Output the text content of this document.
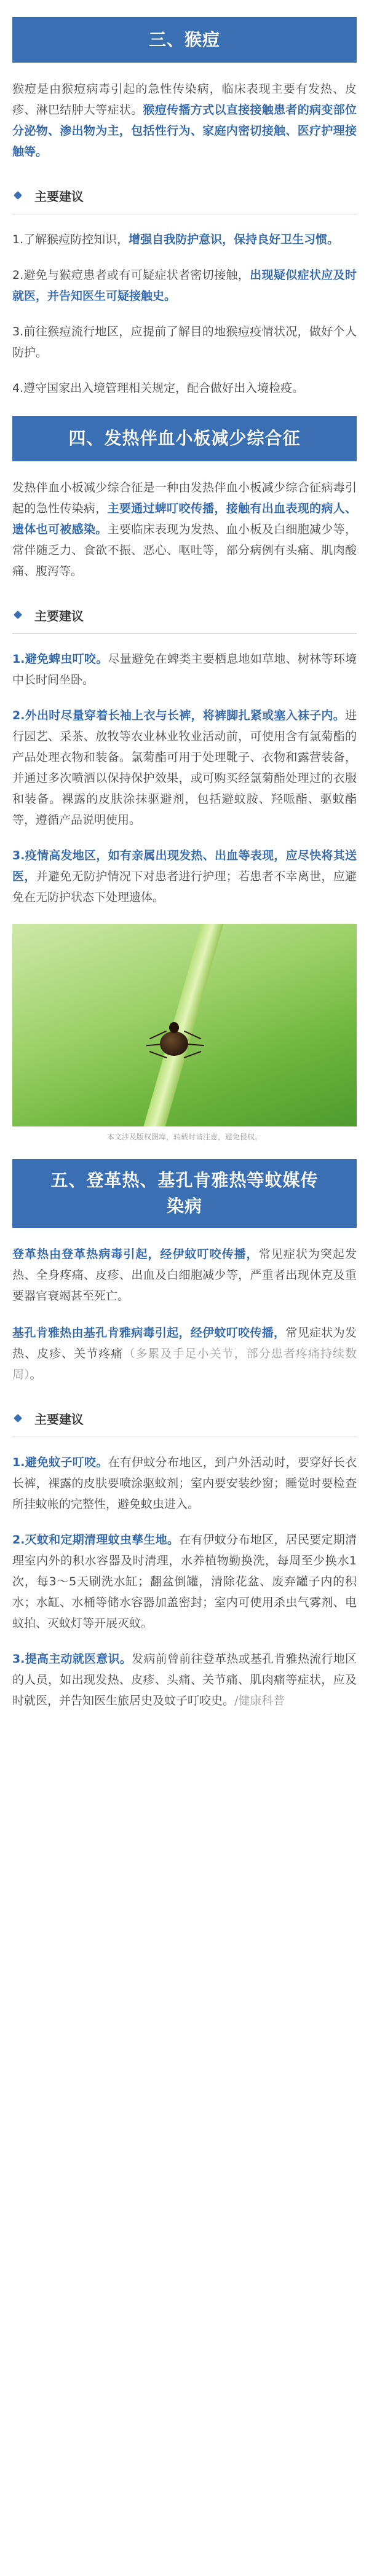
三、猴痘

猴痘是由猴痘病毒引起的急性传染病，临床表现主要有发热、皮疹、淋巴结肿大等症状。猴痘传播方式以直接接触患者的病变部位分泌物、渗出物为主，包括性行为、家庭内密切接触、医疗护理接触等。

主要建议

1.了解猴痘防控知识，增强自我防护意识，保持良好卫生习惯。

2.避免与猴痘患者或有可疑症状者密切接触，出现疑似症状应及时就医，并告知医生可疑接触史。

3.前往猴痘流行地区，应提前了解目的地猴痘疫情状况，做好个人防护。

4.遵守国家出入境管理相关规定，配合做好出入境检疫。

四、发热伴血小板减少综合征

发热伴血小板减少综合征是一种由发热伴血小板减少综合征病毒引起的急性传染病，主要通过蜱叮咬传播，接触有出血表现的病人、遗体也可被感染。主要临床表现为发热、血小板及白细胞减少等，常伴随乏力、食欲不振、恶心、呕吐等，部分病例有头痛、肌肉酸痛、腹泻等。

主要建议

1.避免蜱虫叮咬。尽量避免在蜱类主要栖息地如草地、树林等环境中长时间坐卧。

2.外出时尽量穿着长袖上衣与长裤，将裤脚扎紧或塞入袜子内。进行园艺、采茶、放牧等农业林业牧业活动前，可使用含有氯菊酯的产品处理衣物和装备。氯菊酯可用于处理靴子、衣物和露营装备，并通过多次喷洒以保持保护效果，或可购买经氯菊酯处理过的衣服和装备。裸露的皮肤涂抹驱避剂，包括避蚊胺、羟哌酯、驱蚊酯等，遵循产品说明使用。

3.疫情高发地区，如有亲属出现发热、出血等表现，应尽快将其送医，并避免无防护情况下对患者进行护理；若患者不幸离世，应避免在无防护状态下处理遗体。

本文涉及版权图库，转载时请注意，避免侵权。
五、登革热、基孔肯雅热等蚊媒传染病

登革热由登革热病毒引起，经伊蚊叮咬传播，常见症状为突起发热、全身疼痛、皮疹、出血及白细胞减少等，严重者出现休克及重要器官衰竭甚至死亡。

基孔肯雅热由基孔肯雅病毒引起，经伊蚊叮咬传播，常见症状为发热、皮疹、关节疼痛（多累及手足小关节，部分患者疼痛持续数周）。

主要建议

1.避免蚊子叮咬。在有伊蚊分布地区，到户外活动时，要穿好长衣长裤，裸露的皮肤要喷涂驱蚊剂；室内要安装纱窗；睡觉时要检查所挂蚊帐的完整性，避免蚊虫进入。

2.灭蚊和定期清理蚊虫孳生地。在有伊蚊分布地区，居民要定期清理室内外的积水容器及时清理，水养植物勤换洗，每周至少换水1次，每3～5天刷洗水缸；翻盆倒罐，清除花盆、废弃罐子内的积水；水缸、水桶等储水容器加盖密封；室内可使用杀虫气雾剂、电蚊拍、灭蚊灯等开展灭蚊。

3.提高主动就医意识。发病前曾前往登革热或基孔肯雅热流行地区的人员，如出现发热、皮疹、头痛、关节痛、肌肉痛等症状，应及时就医，并告知医生旅居史及蚊子叮咬史。/健康科普
